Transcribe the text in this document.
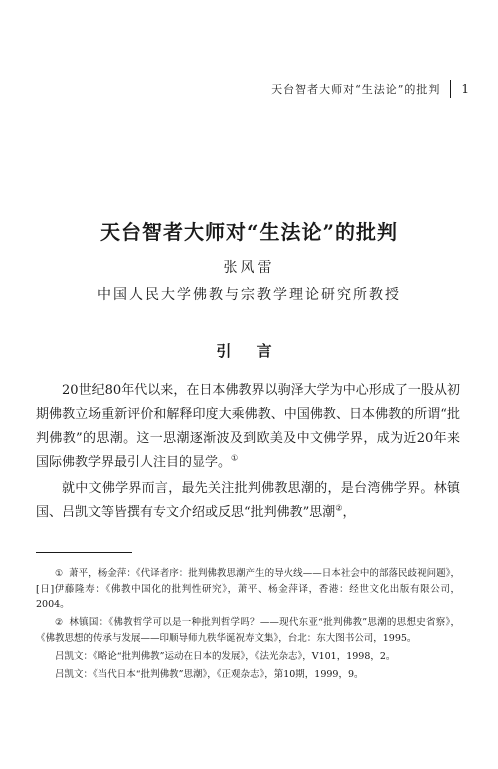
天台智者大师对“生法论”的批判 1
天台智者大师对“生法论”的批判
张风雷
中国人民大学佛教与宗教学理论研究所教授
引 言

20世纪80年代以来，在日本佛教界以驹泽大学为中心形成了一股从初期佛教立场重新评价和解释印度大乘佛教、中国佛教、日本佛教的所谓“批判佛教”的思潮。这一思潮逐渐波及到欧美及中文佛学界，成为近20年来国际佛教学界最引人注目的显学。①

就中文佛学界而言，最先关注批判佛教思潮的，是台湾佛学界。林镇国、吕凯文等皆撰有专文介绍或反思“批判佛教”思潮②，

① 萧平，杨金萍：《代译者序：批判佛教思潮产生的导火线——日本社会中的部落民歧视问题》，[日]伊藤隆寿：《佛教中国化的批判性研究》，萧平、杨金萍译，香港：经世文化出版有限公司，2004。

② 林镇国：《佛教哲学可以是一种批判哲学吗？——现代东亚“批判佛教”思潮的思想史省察》，《佛教思想的传承与发展——印顺导师九秩华诞祝寿文集》，台北：东大图书公司，1995。

吕凯文：《略论“批判佛教”运动在日本的发展》，《法光杂志》，V101，1998，2。

吕凯文：《当代日本“批判佛教”思潮》，《正观杂志》，第10期，1999，9。
